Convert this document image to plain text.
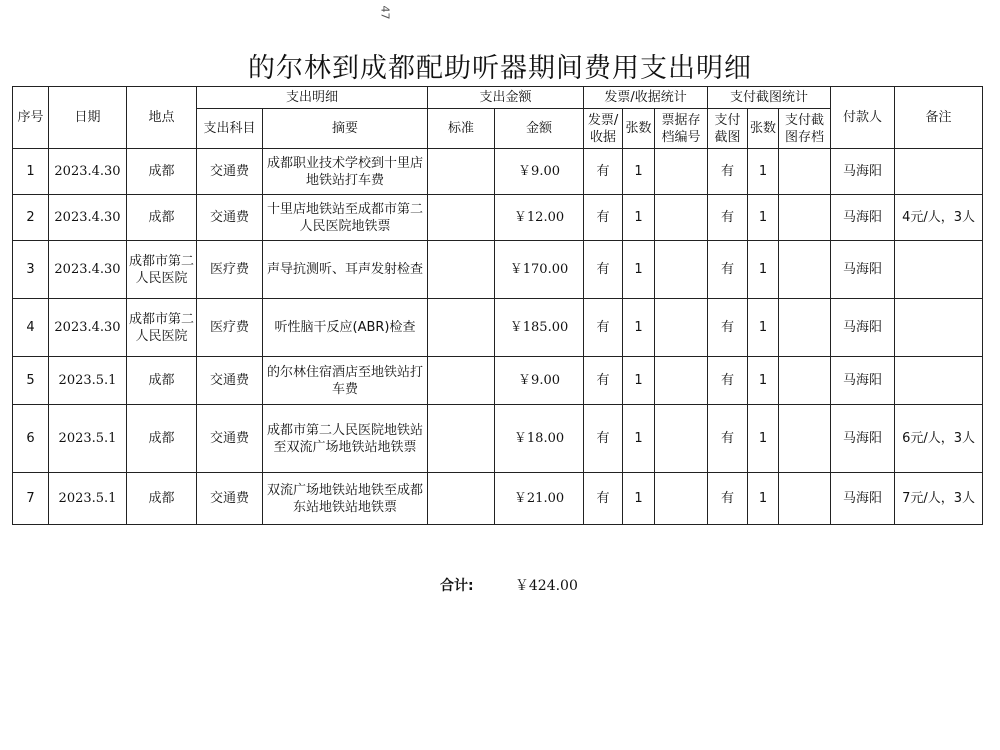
47
的尔林到成都配助听器期间费用支出明细
序号	日期	地点	支出明细		支出金额		发票/收据统计			支付截图统计			付款人	备注
			支出科目	摘要	标准	金额	发票/收据	张数	票据存档编号	支付截图	张数	支付截图存档		
1	2023.4.30	成都	交通费	成都职业技术学校到十里店地铁站打车费		￥9.00	有	1		有	1		马海阳	
2	2023.4.30	成都	交通费	十里店地铁站至成都市第二人民医院地铁票		￥12.00	有	1		有	1		马海阳	4元/人，3人
3	2023.4.30	成都市第二人民医院	医疗费	声导抗测听、耳声发射检查		￥170.00	有	1		有	1		马海阳	
4	2023.4.30	成都市第二人民医院	医疗费	听性脑干反应(ABR)检查		￥185.00	有	1		有	1		马海阳	
5	2023.5.1	成都	交通费	的尔林住宿酒店至地铁站打车费		￥9.00	有	1		有	1		马海阳	
6	2023.5.1	成都	交通费	成都市第二人民医院地铁站至双流广场地铁站地铁票		￥18.00	有	1		有	1		马海阳	6元/人，3人
7	2023.5.1	成都	交通费	双流广场地铁站地铁至成都东站地铁站地铁票		￥21.00	有	1		有	1		马海阳	7元/人，3人
合计:	￥424.00
